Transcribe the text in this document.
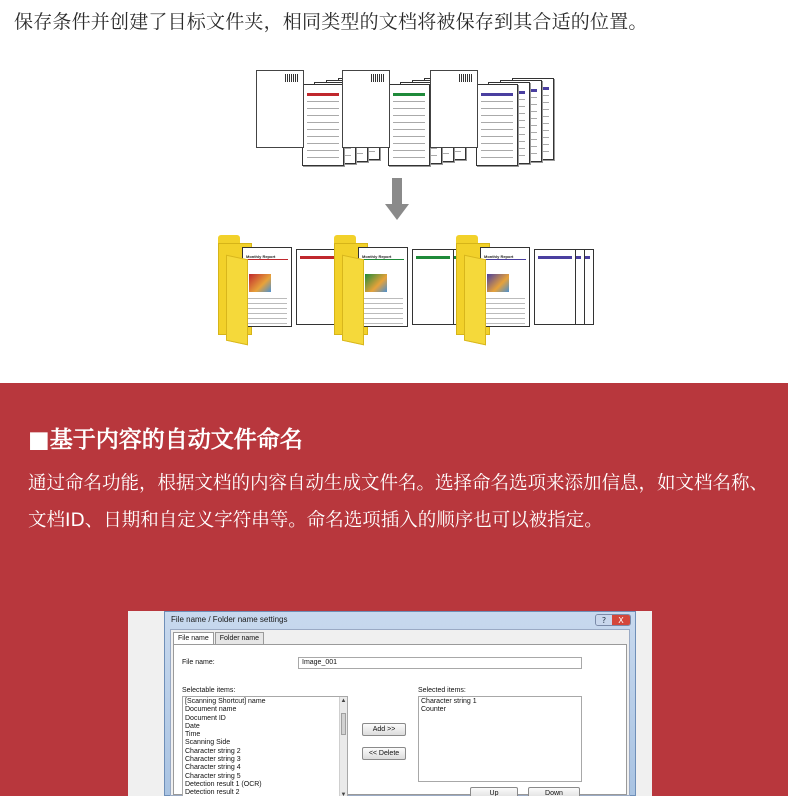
保存条件并创建了目标文件夹，相同类型的文档将被保存到其合适的位置。
Monthly Report	Monthly Report	Monthly Report
■基于内容的自动文件命名
通过命名功能，根据文档的内容自动生成文件名。选择命名选项来添加信息，如文档名称、文档ID、日期和自定义字符串等。命名选项插入的顺序也可以被指定。
File name / Folder name settings	?	X
File name	Folder name
File name:	Image_001
Selectable items:
[Scanning Shortcut] name
Document name
Document ID
Date
Time
Scanning Side
Character string 2
Character string 3
Character string 4
Character string 5
Detection result 1 (OCR)
Detection result 2
▲
▼
Add >>
<< Delete
Selected items:
Character string 1
Counter
Up	Down
